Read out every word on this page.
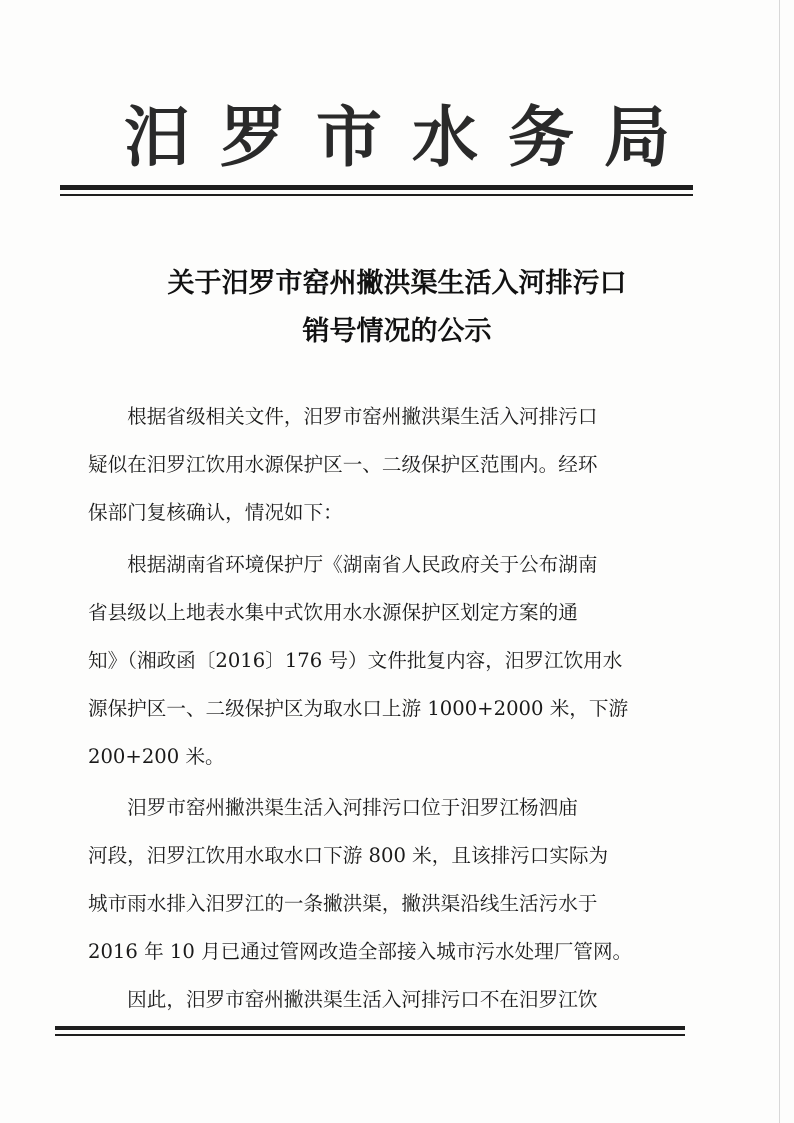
汨罗市水务局
关于汨罗市窑州撇洪渠生活入河排污口
销号情况的公示
　　根据省级相关文件，汨罗市窑州撇洪渠生活入河排污口
疑似在汨罗江饮用水源保护区一、二级保护区范围内。经环
保部门复核确认，情况如下：
　　根据湖南省环境保护厅《湖南省人民政府关于公布湖南
省县级以上地表水集中式饮用水水源保护区划定方案的通
知》（湘政函〔2016〕176 号）文件批复内容，汨罗江饮用水
源保护区一、二级保护区为取水口上游 1000+2000 米，下游
200+200 米。
　　汨罗市窑州撇洪渠生活入河排污口位于汨罗江杨泗庙
河段，汨罗江饮用水取水口下游 800 米，且该排污口实际为
城市雨水排入汨罗江的一条撇洪渠，撇洪渠沿线生活污水于
2016 年 10 月已通过管网改造全部接入城市污水处理厂管网。
　　因此，汨罗市窑州撇洪渠生活入河排污口不在汨罗江饮
